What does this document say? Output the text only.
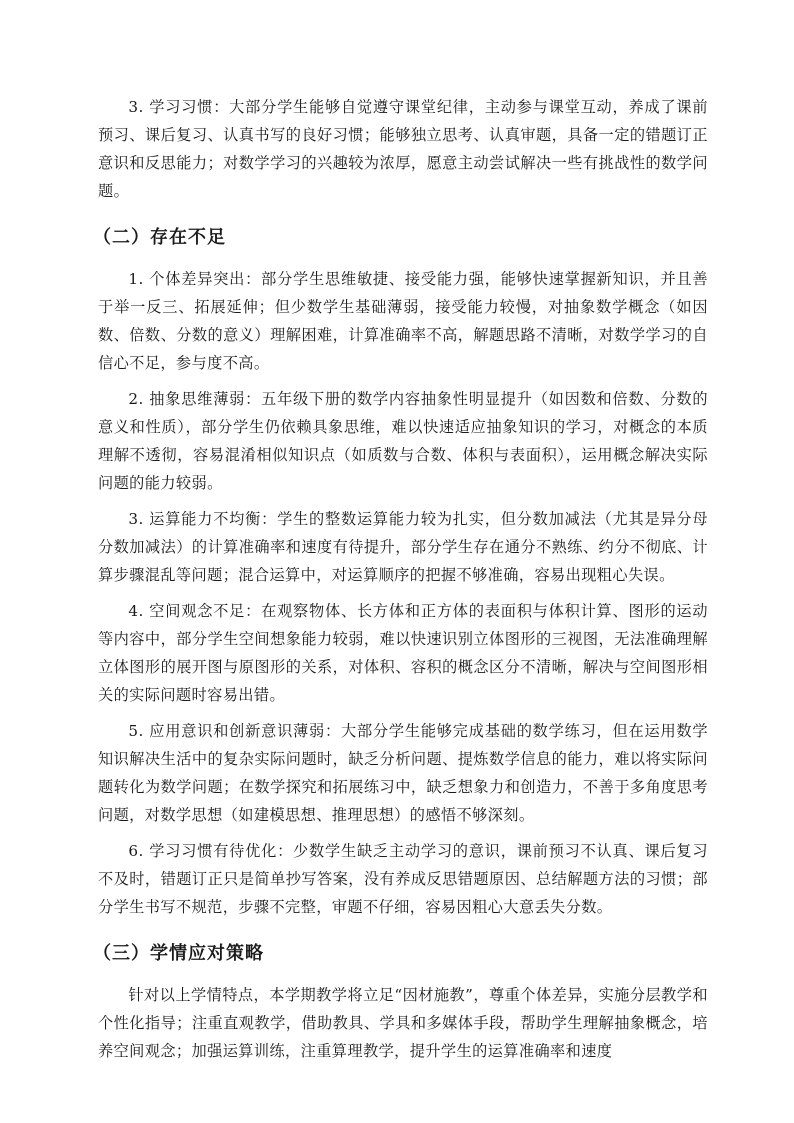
3. 学习习惯：大部分学生能够自觉遵守课堂纪律，主动参与课堂互动，养成了课前预习、课后复习、认真书写的良好习惯；能够独立思考、认真审题，具备一定的错题订正意识和反思能力；对数学学习的兴趣较为浓厚，愿意主动尝试解决一些有挑战性的数学问题。

（二）存在不足

1. 个体差异突出：部分学生思维敏捷、接受能力强，能够快速掌握新知识，并且善于举一反三、拓展延伸；但少数学生基础薄弱，接受能力较慢，对抽象数学概念（如因数、倍数、分数的意义）理解困难，计算准确率不高，解题思路不清晰，对数学学习的自信心不足，参与度不高。

2. 抽象思维薄弱：五年级下册的数学内容抽象性明显提升（如因数和倍数、分数的意义和性质），部分学生仍依赖具象思维，难以快速适应抽象知识的学习，对概念的本质理解不透彻，容易混淆相似知识点（如质数与合数、体积与表面积），运用概念解决实际问题的能力较弱。

3. 运算能力不均衡：学生的整数运算能力较为扎实，但分数加减法（尤其是异分母分数加减法）的计算准确率和速度有待提升，部分学生存在通分不熟练、约分不彻底、计算步骤混乱等问题；混合运算中，对运算顺序的把握不够准确，容易出现粗心失误。

4. 空间观念不足：在观察物体、长方体和正方体的表面积与体积计算、图形的运动等内容中，部分学生空间想象能力较弱，难以快速识别立体图形的三视图，无法准确理解立体图形的展开图与原图形的关系，对体积、容积的概念区分不清晰，解决与空间图形相关的实际问题时容易出错。

5. 应用意识和创新意识薄弱：大部分学生能够完成基础的数学练习，但在运用数学知识解决生活中的复杂实际问题时，缺乏分析问题、提炼数学信息的能力，难以将实际问题转化为数学问题；在数学探究和拓展练习中，缺乏想象力和创造力，不善于多角度思考问题，对数学思想（如建模思想、推理思想）的感悟不够深刻。

6. 学习习惯有待优化：少数学生缺乏主动学习的意识，课前预习不认真、课后复习不及时，错题订正只是简单抄写答案，没有养成反思错题原因、总结解题方法的习惯；部分学生书写不规范，步骤不完整，审题不仔细，容易因粗心大意丢失分数。

（三）学情应对策略

针对以上学情特点，本学期教学将立足“因材施教”，尊重个体差异，实施分层教学和个性化指导；注重直观教学，借助教具、学具和多媒体手段，帮助学生理解抽象概念，培养空间观念；加强运算训练，注重算理教学，提升学生的运算准确率和速度
